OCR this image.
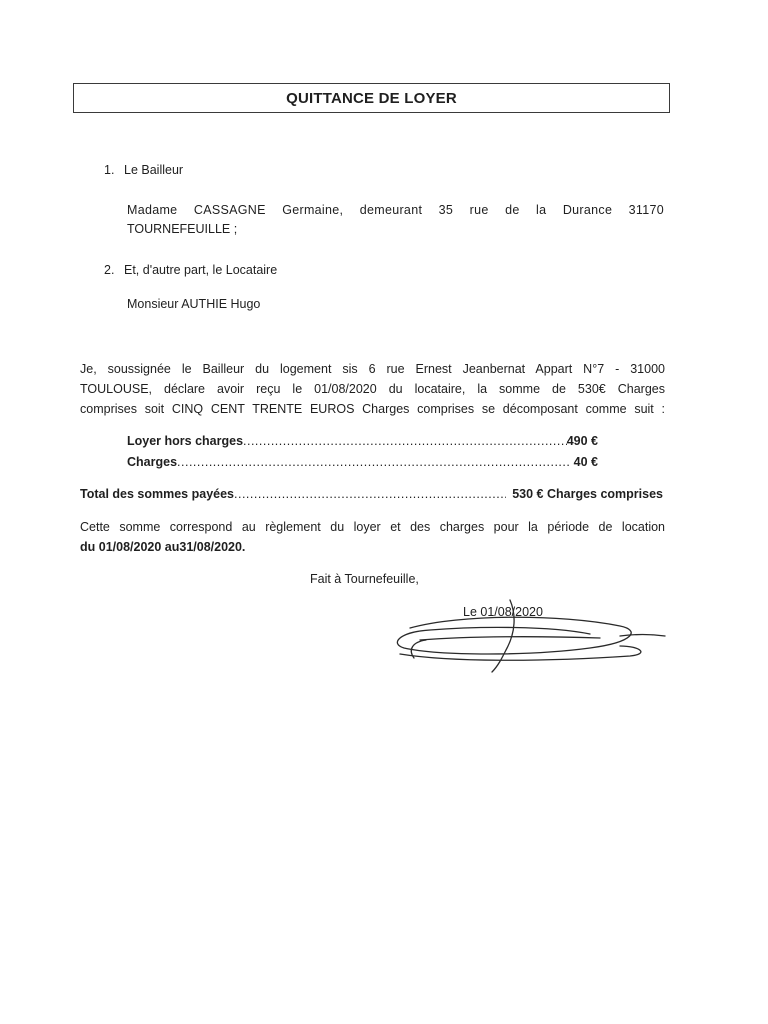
QUITTANCE DE LOYER
1. Le Bailleur
Madame CASSAGNE Germaine, demeurant 35 rue de la Durance 31170
TOURNEFEUILLE ;
2. Et, d'autre part, le Locataire
Monsieur AUTHIE Hugo
Je, soussignée le Bailleur du logement sis 6 rue Ernest Jeanbernat Appart N°7 - 31000
TOULOUSE, déclare avoir reçu le 01/08/2020 du locataire, la somme de 530€ Charges
comprises soit CINQ CENT TRENTE EUROS Charges comprises se décomposant comme suit :
Loyer hors charges .....	490 €
Charges .....	40 €
Total des sommes payées .....	530 € Charges comprises
Cette somme correspond au règlement du loyer et des charges pour la période de location
du 01/08/2020 au31/08/2020.
Fait à Tournefeuille,
Le 01/08/2020
